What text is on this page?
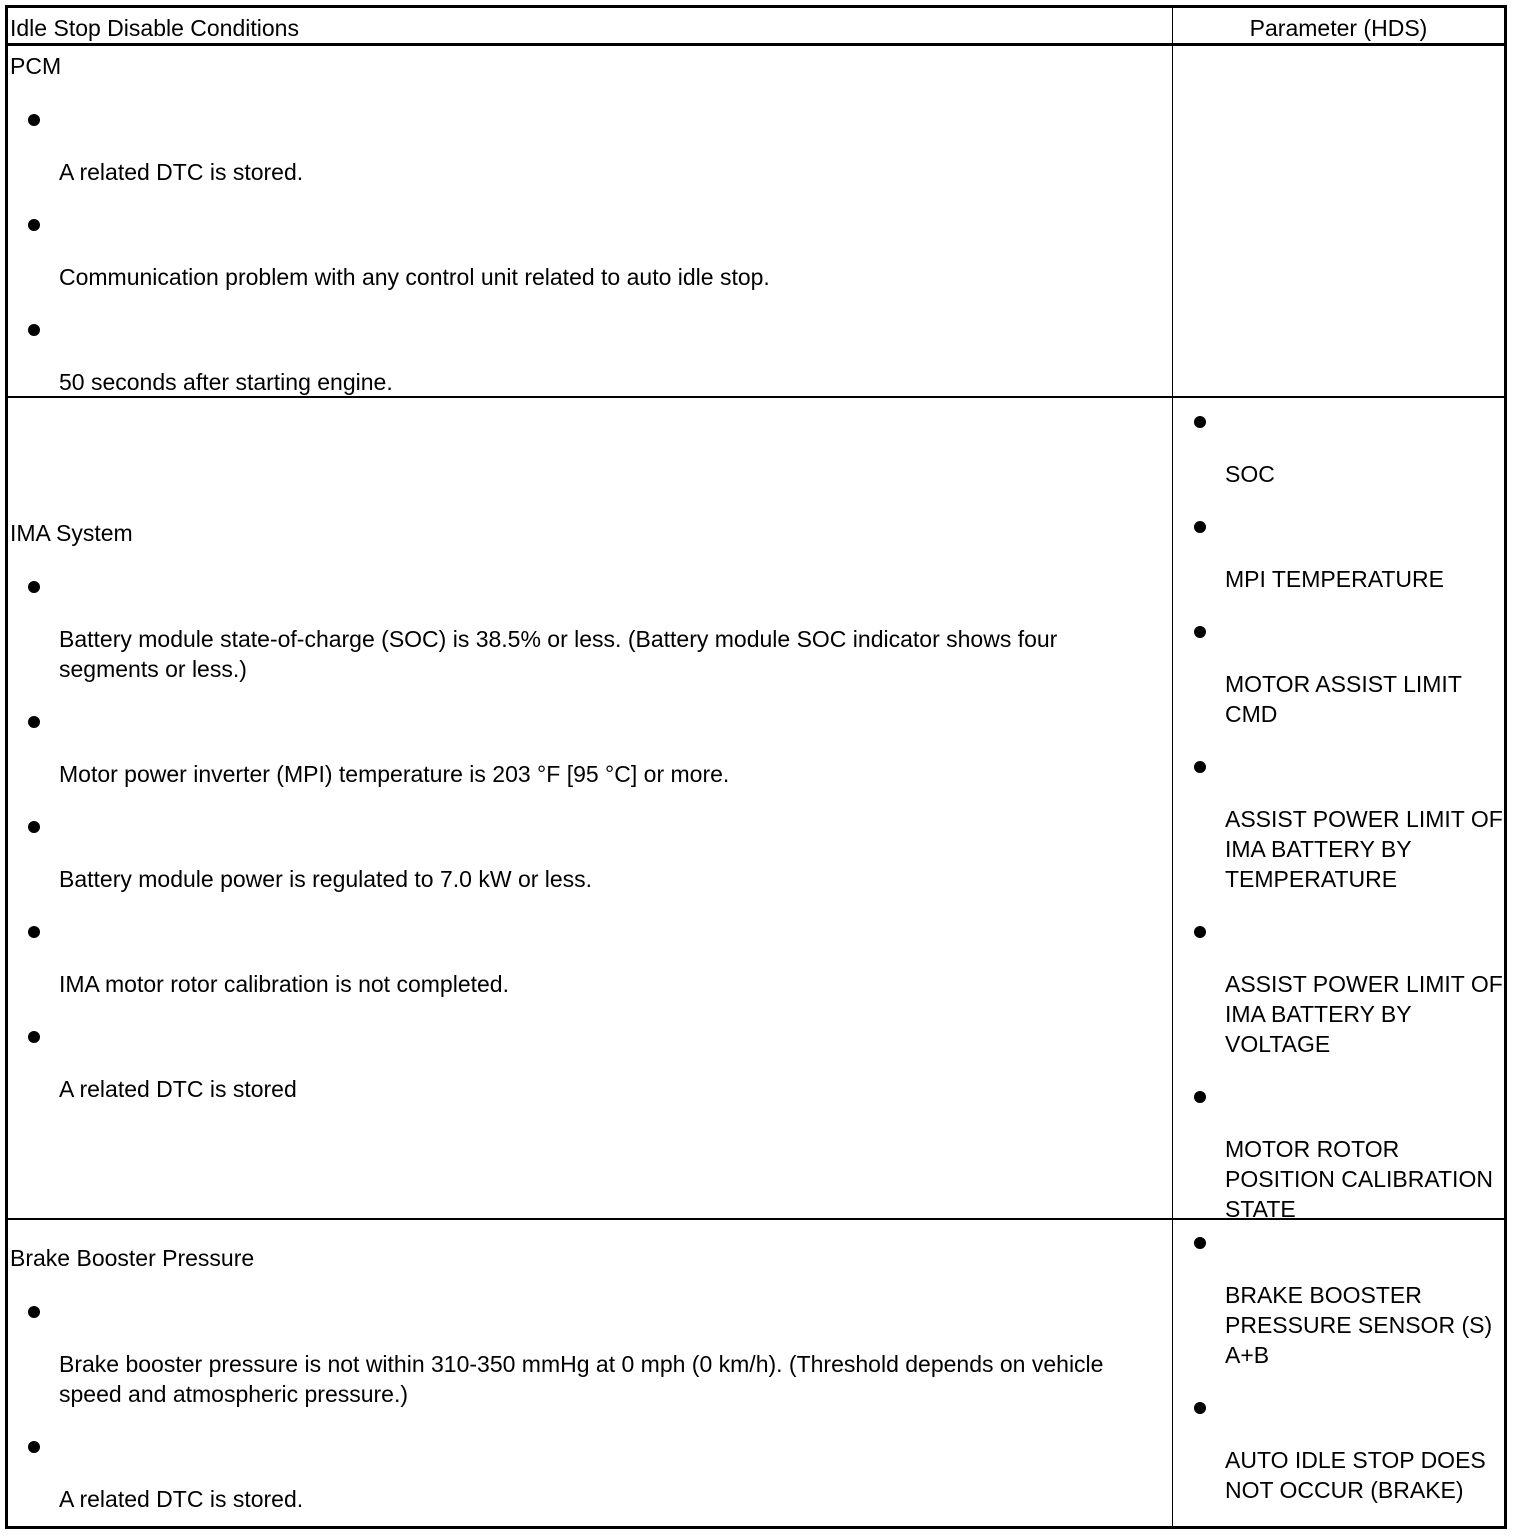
Idle Stop Disable Conditions	Parameter (HDS)
PCM
A related DTC is stored.
Communication problem with any control unit related to auto idle stop.
50 seconds after starting engine.
IMA System
Battery module state-of-charge (SOC) is 38.5% or less. (Battery module SOC indicator shows four segments or less.)
Motor power inverter (MPI) temperature is 203 °F [95 °C] or more.
Battery module power is regulated to 7.0 kW or less.
IMA motor rotor calibration is not completed.
A related DTC is stored
SOC
MPI TEMPERATURE
MOTOR ASSIST LIMIT CMD
ASSIST POWER LIMIT OF IMA BATTERY BY TEMPERATURE
ASSIST POWER LIMIT OF IMA BATTERY BY VOLTAGE
MOTOR ROTOR POSITION CALIBRATION STATE
Brake Booster Pressure
Brake booster pressure is not within 310-350 mmHg at 0 mph (0 km/h). (Threshold depends on vehicle speed and atmospheric pressure.)
A related DTC is stored.
BRAKE BOOSTER PRESSURE SENSOR (S) A+B
AUTO IDLE STOP DOES NOT OCCUR (BRAKE)
